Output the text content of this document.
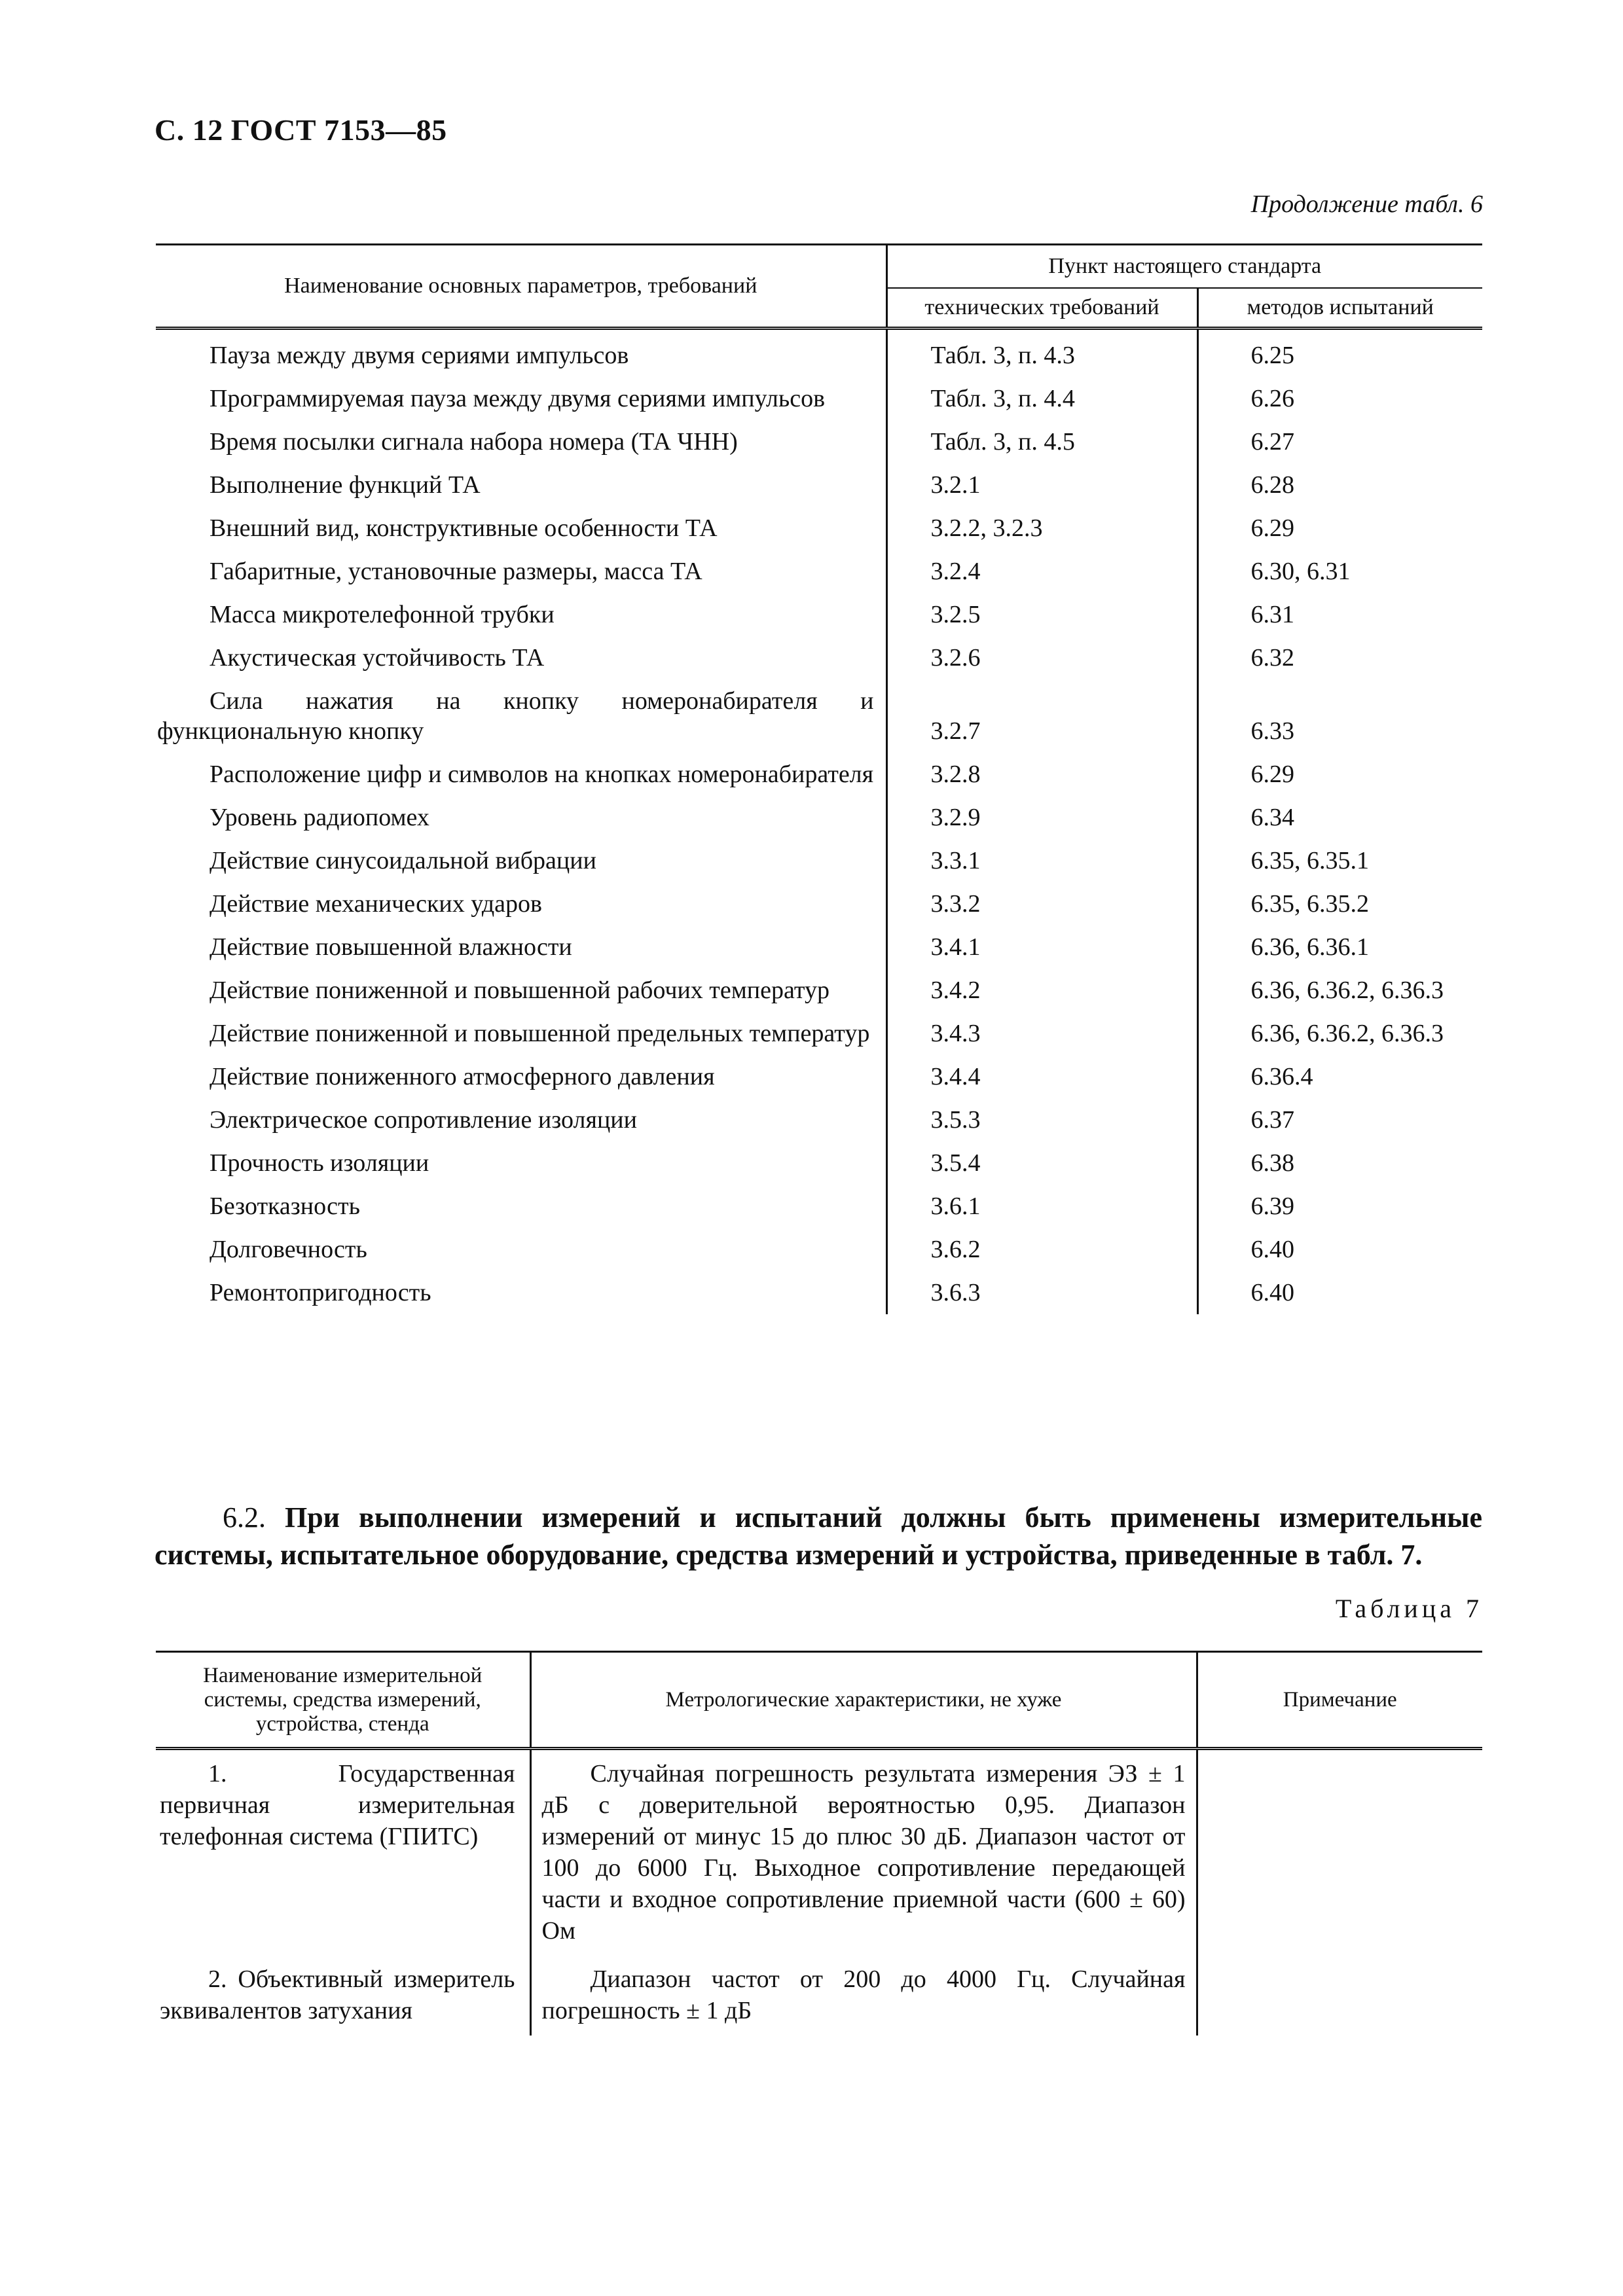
С. 12 ГОСТ 7153—85
Продолжение табл. 6
Наименование основных параметров, требований	Пункт настоящего стандарта	
	технических требований	методов испытаний

Пауза между двумя сериями импульсов	Табл. 3, п. 4.3	6.25

Программируемая пауза между двумя сериями импульсов	Табл. 3, п. 4.4	6.26

Время посылки сигнала набора номера (ТА ЧНН)	Табл. 3, п. 4.5	6.27

Выполнение функций ТА	3.2.1	6.28

Внешний вид, конструктивные особенности ТА	3.2.2, 3.2.3	6.29

Габаритные, установочные размеры, масса ТА	3.2.4	6.30, 6.31

Масса микротелефонной трубки	3.2.5	6.31

Акустическая устойчивость ТА	3.2.6	6.32

Сила нажатия на кнопку номеронабирателя и функциональную кнопку	3.2.7	6.33

Расположение цифр и символов на кнопках номеронабирателя	3.2.8	6.29

Уровень радиопомех	3.2.9	6.34

Действие синусоидальной вибрации	3.3.1	6.35, 6.35.1

Действие механических ударов	3.3.2	6.35, 6.35.2

Действие повышенной влажности	3.4.1	6.36, 6.36.1

Действие пониженной и повышенной рабочих температур	3.4.2	6.36, 6.36.2, 6.36.3

Действие пониженной и повышенной предельных температур	3.4.3	6.36, 6.36.2, 6.36.3

Действие пониженного атмосферного давления	3.4.4	6.36.4

Электрическое сопротивление изоляции	3.5.3	6.37

Прочность изоляции	3.5.4	6.38

Безотказность	3.6.1	6.39

Долговечность	3.6.2	6.40

Ремонтопригодность	3.6.3	6.40
6.2. При выполнении измерений и испытаний должны быть применены измерительные системы, испытательное оборудование, средства измерений и устройства, приведенные в табл. 7.
Таблица 7
Наименование измерительной системы, средства измерений, устройства, стенда	Метрологические характеристики, не хуже	Примечание
1. Государственная первичная измерительная телефонная система (ГПИТС)	Случайная погрешность результата измерения ЭЗ ± 1 дБ с доверительной вероятностью 0,95. Диапазон измерений от минус 15 до плюс 30 дБ. Диапазон частот от 100 до 6000 Гц. Выходное сопротивление передающей части и входное сопротивление приемной части (600 ± 60) Ом	
2. Объективный измеритель эквивалентов затухания	Диапазон частот от 200 до 4000 Гц. Случайная погрешность ± 1 дБ	
